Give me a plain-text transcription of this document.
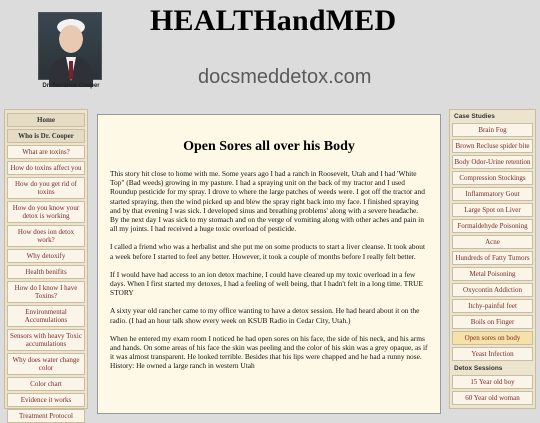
Dr. Terrance Cooper
HEALTHandMED
docsmeddetox.com
Home
Who is Dr. Cooper
What are toxins?
How do toxins affect you
How do you get rid of toxins
How do you know your detox is working
How does ion detox work?
Why detoxify
Health benifits
How do I know I have Toxins?
Environmental Accumulations
Sensors with heavy Toxic accumulations
Why does water change color
Color chart
Evidence it works
Treatment Protocol
Open Sores all over his Body

This story hit close to home with me. Some years ago I had a ranch in Roosevelt, Utah and I had 'White Top" (Bad weeds) growing in my pasture. I had a spraying unit on the back of my tractor and I used Roundup pesticide for my spray. I drove to where the large patches of weeds were. I got off the tractor and started spraying, then the wind picked up and blew the spray right back into my face. I finished spraying and by that evening I was sick. I developed sinus and breathing problems' along with a severe headache. By the next day I was sick to my stomach and on the verge of vomiting along with other aches and pain in all my joints. I had received a huge toxic overload of pesticide.

I called a friend who was a herbalist and she put me on some products to start a liver cleanse. It took about a week before I started to feel any better. However, it took a couple of months before I really felt better.

If I would have had access to an ion detox machine, I could have cleared up my toxic overload in a few days. When I first started my detoxes, I had a feeling of well being, that I hadn't felt in a long time. TRUE STORY

A sixty year old rancher came to my office wanting to have a detox session. He had heard about it on the radio. (I had an hour talk show every week on KSUB Radio in Cedar City, Utah.)

When he entered my exam room I noticed he had open sores on his face, the side of his neck, and his arms and hands. On some areas of his face the skin was peeling and the color of his skin was a grey opaque, as if it was almost transparent. He looked terrible. Besides that his lips were chapped and he had a runny nose. History: He owned a large ranch in western Utah

Case Studies
Brain Fog
Brown Recluse spider bite
Body Odor-Urine retention
Compression Stockings
Inflammatory Gout
Large Spot on Liver
Formaldehyde Poisoning
Acne
Hundreds of Fatty Tumors
Metal Poisoning
Oxycontin Addiction
Itchy-painful feet
Boils on Finger
Open sores on body
Yeast Infection
Detox Sessions
15 Year old boy
60 Year old woman
